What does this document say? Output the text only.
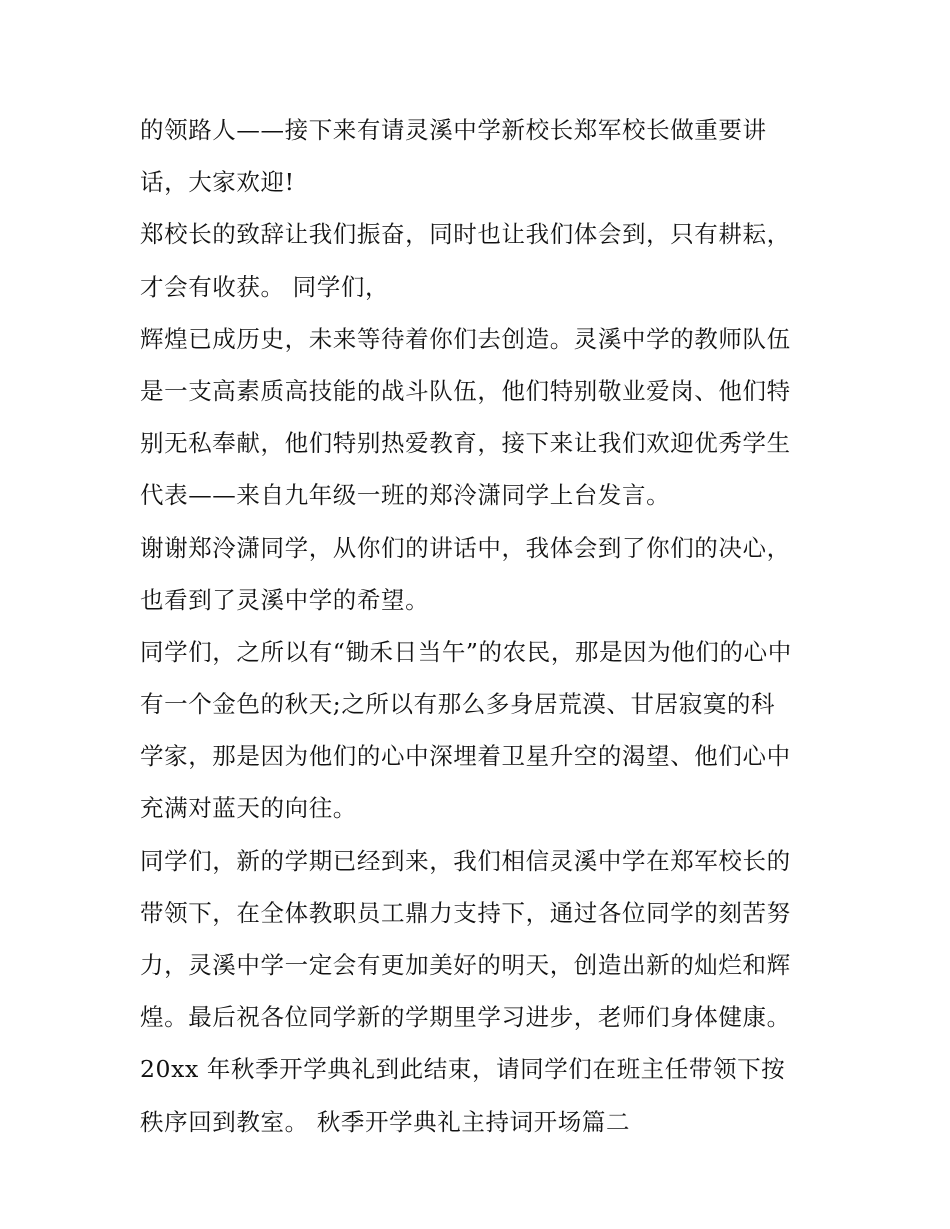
的领路人——接下来有请灵溪中学新校长郑军校长做重要讲
话，大家欢迎!
郑校长的致辞让我们振奋，同时也让我们体会到，只有耕耘，
才会有收获。 同学们，
辉煌已成历史，未来等待着你们去创造。灵溪中学的教师队伍
是一支高素质高技能的战斗队伍，他们特别敬业爱岗、他们特
别无私奉献，他们特别热爱教育，接下来让我们欢迎优秀学生
代表——来自九年级一班的郑泠潇同学上台发言。
谢谢郑泠潇同学，从你们的讲话中，我体会到了你们的决心，
也看到了灵溪中学的希望。
同学们，之所以有“锄禾日当午”的农民，那是因为他们的心中
有一个金色的秋天;之所以有那么多身居荒漠、甘居寂寞的科
学家，那是因为他们的心中深埋着卫星升空的渴望、他们心中
充满对蓝天的向往。
同学们，新的学期已经到来，我们相信灵溪中学在郑军校长的
带领下，在全体教职员工鼎力支持下，通过各位同学的刻苦努
力，灵溪中学一定会有更加美好的明天，创造出新的灿烂和辉
煌。最后祝各位同学新的学期里学习进步，老师们身体健康。
20xx 年秋季开学典礼到此结束，请同学们在班主任带领下按
秩序回到教室。 秋季开学典礼主持词开场篇二
